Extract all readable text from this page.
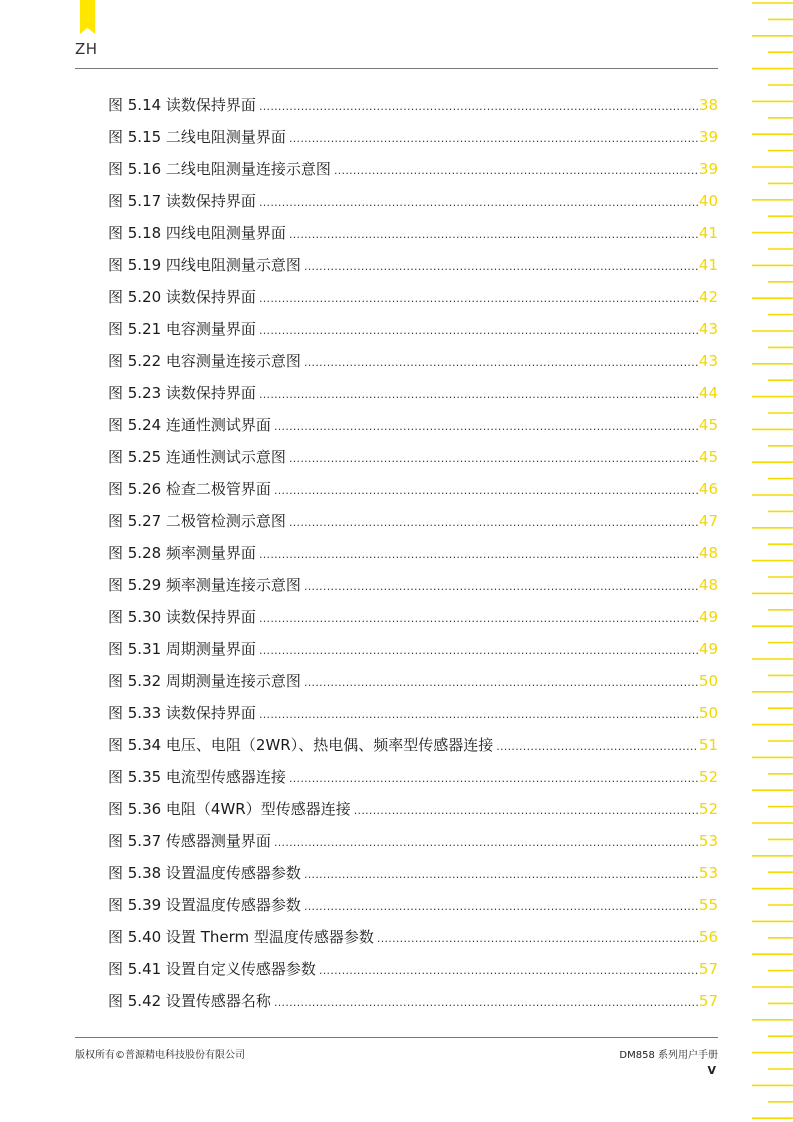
ZH
图 5.14 读数保持界面 .....	38
图 5.15 二线电阻测量界面 .....	39
图 5.16 二线电阻测量连接示意图 .....	39
图 5.17 读数保持界面 .....	40
图 5.18 四线电阻测量界面 .....	41
图 5.19 四线电阻测量示意图 .....	41
图 5.20 读数保持界面 .....	42
图 5.21 电容测量界面 .....	43
图 5.22 电容测量连接示意图 .....	43
图 5.23 读数保持界面 .....	44
图 5.24 连通性测试界面 .....	45
图 5.25 连通性测试示意图 .....	45
图 5.26 检查二极管界面 .....	46
图 5.27 二极管检测示意图 .....	47
图 5.28 频率测量界面 .....	48
图 5.29 频率测量连接示意图 .....	48
图 5.30 读数保持界面 .....	49
图 5.31 周期测量界面 .....	49
图 5.32 周期测量连接示意图 .....	50
图 5.33 读数保持界面 .....	50
图 5.34 电压、电阻（2WR）、热电偶、频率型传感器连接 .....	51
图 5.35 电流型传感器连接 .....	52
图 5.36 电阻（4WR）型传感器连接 .....	52
图 5.37 传感器测量界面 .....	53
图 5.38 设置温度传感器参数 .....	53
图 5.39 设置温度传感器参数 .....	55
图 5.40 设置 Therm 型温度传感器参数 .....	56
图 5.41 设置自定义传感器参数 .....	57
图 5.42 设置传感器名称 .....	57
版权所有©普源精电科技股份有限公司	DM858 系列用户手册
V
